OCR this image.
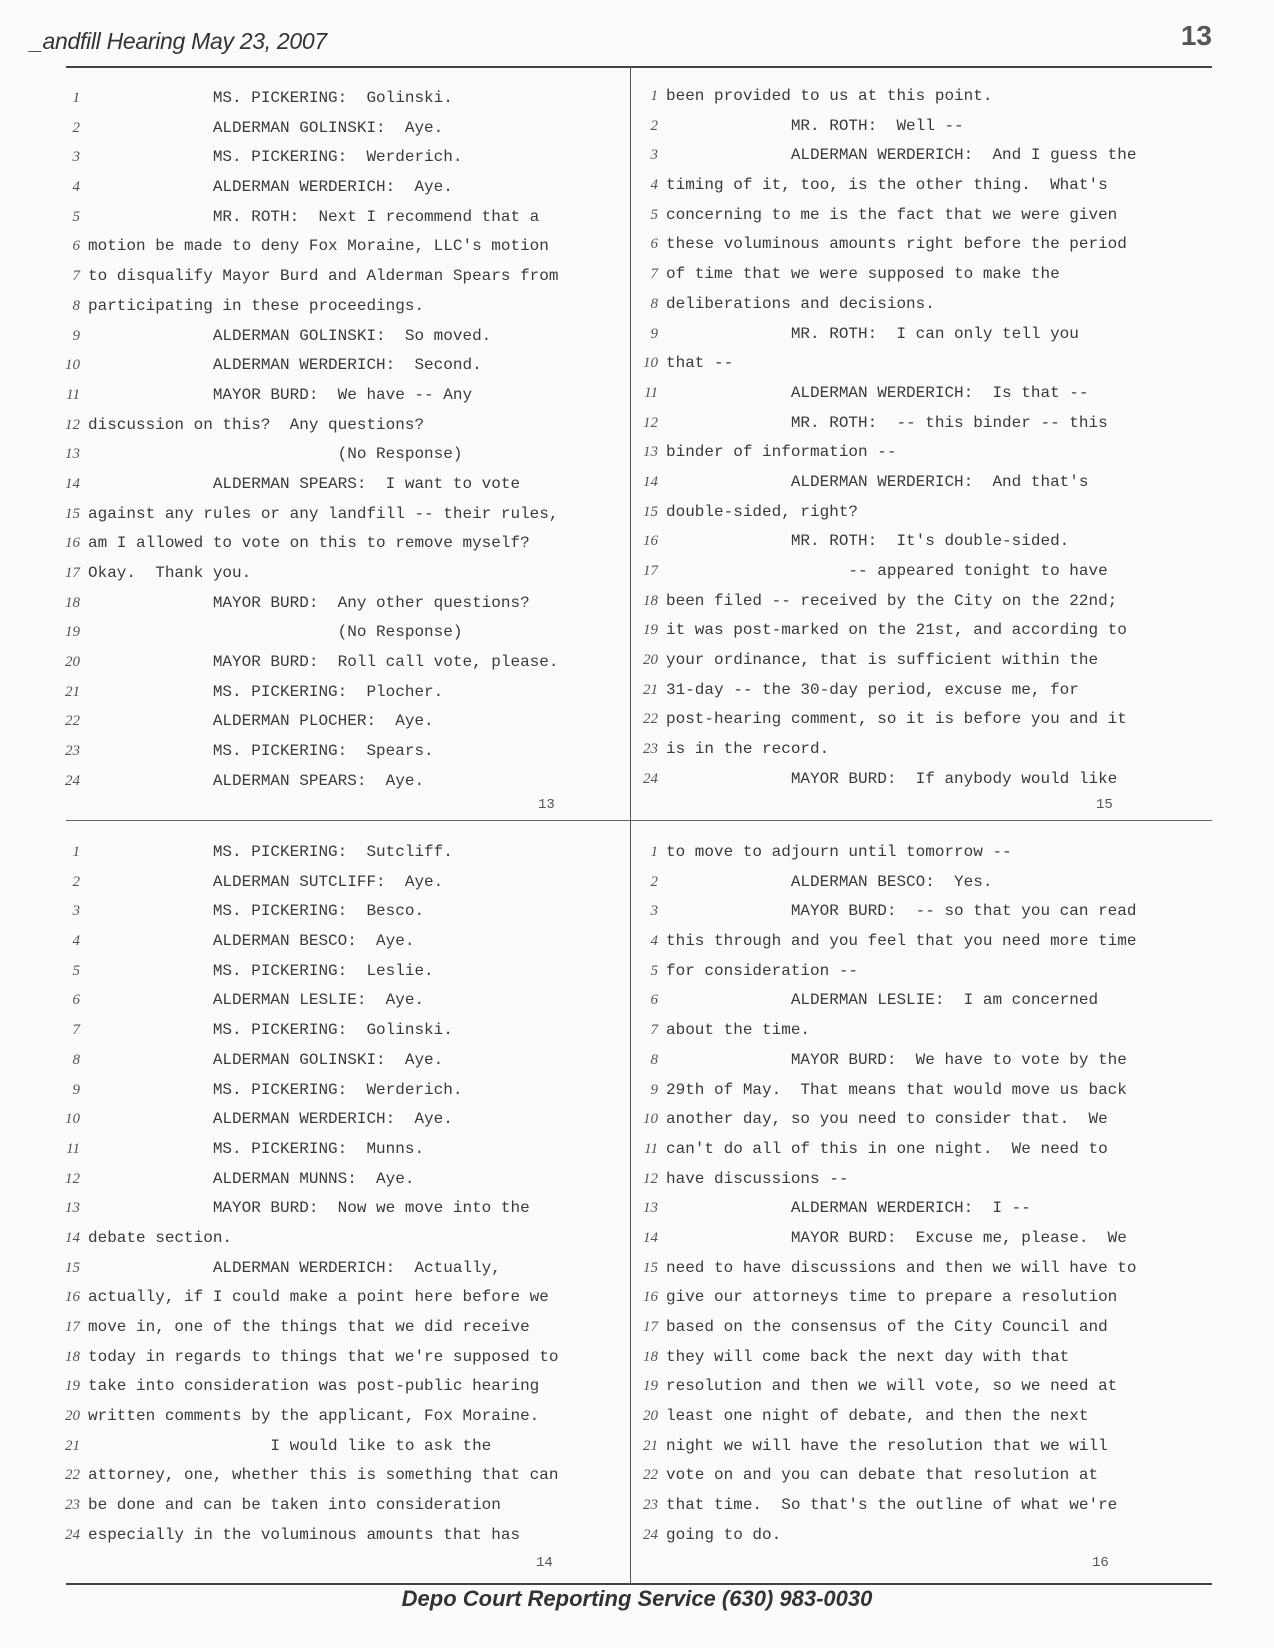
_andfill Hearing May 23, 2007	13
1             MS. PICKERING:  Golinski.
2             ALDERMAN GOLINSKI:  Aye.
3             MS. PICKERING:  Werderich.
4             ALDERMAN WERDERICH:  Aye.
5             MR. ROTH:  Next I recommend that a
6 motion be made to deny Fox Moraine, LLC's motion
7 to disqualify Mayor Burd and Alderman Spears from
8 participating in these proceedings.
9             ALDERMAN GOLINSKI:  So moved.
10             ALDERMAN WERDERICH:  Second.
11             MAYOR BURD:  We have -- Any
12 discussion on this?  Any questions?
13                          (No Response)
14             ALDERMAN SPEARS:  I want to vote
15 against any rules or any landfill -- their rules,
16 am I allowed to vote on this to remove myself?
17 Okay.  Thank you.
18             MAYOR BURD:  Any other questions?
19                          (No Response)
20             MAYOR BURD:  Roll call vote, please.
21             MS. PICKERING:  Plocher.
22             ALDERMAN PLOCHER:  Aye.
23             MS. PICKERING:  Spears.
24             ALDERMAN SPEARS:  Aye.
13
1 been provided to us at this point.
2             MR. ROTH:  Well --
3             ALDERMAN WERDERICH:  And I guess the
4 timing of it, too, is the other thing.  What's
5 concerning to me is the fact that we were given
6 these voluminous amounts right before the period
7 of time that we were supposed to make the
8 deliberations and decisions.
9             MR. ROTH:  I can only tell you
10 that --
11             ALDERMAN WERDERICH:  Is that --
12             MR. ROTH:  -- this binder -- this
13 binder of information --
14             ALDERMAN WERDERICH:  And that's
15 double-sided, right?
16             MR. ROTH:  It's double-sided.
17                   -- appeared tonight to have
18 been filed -- received by the City on the 22nd;
19 it was post-marked on the 21st, and according to
20 your ordinance, that is sufficient within the
21 31-day -- the 30-day period, excuse me, for
22 post-hearing comment, so it is before you and it
23 is in the record.
24             MAYOR BURD:  If anybody would like
15
1             MS. PICKERING:  Sutcliff.
2             ALDERMAN SUTCLIFF:  Aye.
3             MS. PICKERING:  Besco.
4             ALDERMAN BESCO:  Aye.
5             MS. PICKERING:  Leslie.
6             ALDERMAN LESLIE:  Aye.
7             MS. PICKERING:  Golinski.
8             ALDERMAN GOLINSKI:  Aye.
9             MS. PICKERING:  Werderich.
10             ALDERMAN WERDERICH:  Aye.
11             MS. PICKERING:  Munns.
12             ALDERMAN MUNNS:  Aye.
13             MAYOR BURD:  Now we move into the
14 debate section.
15             ALDERMAN WERDERICH:  Actually,
16 actually, if I could make a point here before we
17 move in, one of the things that we did receive
18 today in regards to things that we're supposed to
19 take into consideration was post-public hearing
20 written comments by the applicant, Fox Moraine.
21                   I would like to ask the
22 attorney, one, whether this is something that can
23 be done and can be taken into consideration
24 especially in the voluminous amounts that has
14
1 to move to adjourn until tomorrow --
2             ALDERMAN BESCO:  Yes.
3             MAYOR BURD:  -- so that you can read
4 this through and you feel that you need more time
5 for consideration --
6             ALDERMAN LESLIE:  I am concerned
7 about the time.
8             MAYOR BURD:  We have to vote by the
9 29th of May.  That means that would move us back
10 another day, so you need to consider that.  We
11 can't do all of this in one night.  We need to
12 have discussions --
13             ALDERMAN WERDERICH:  I --
14             MAYOR BURD:  Excuse me, please.  We
15 need to have discussions and then we will have to
16 give our attorneys time to prepare a resolution
17 based on the consensus of the City Council and
18 they will come back the next day with that
19 resolution and then we will vote, so we need at
20 least one night of debate, and then the next
21 night we will have the resolution that we will
22 vote on and you can debate that resolution at
23 that time.  So that's the outline of what we're
24 going to do.
16
Depo Court Reporting Service (630) 983-0030
